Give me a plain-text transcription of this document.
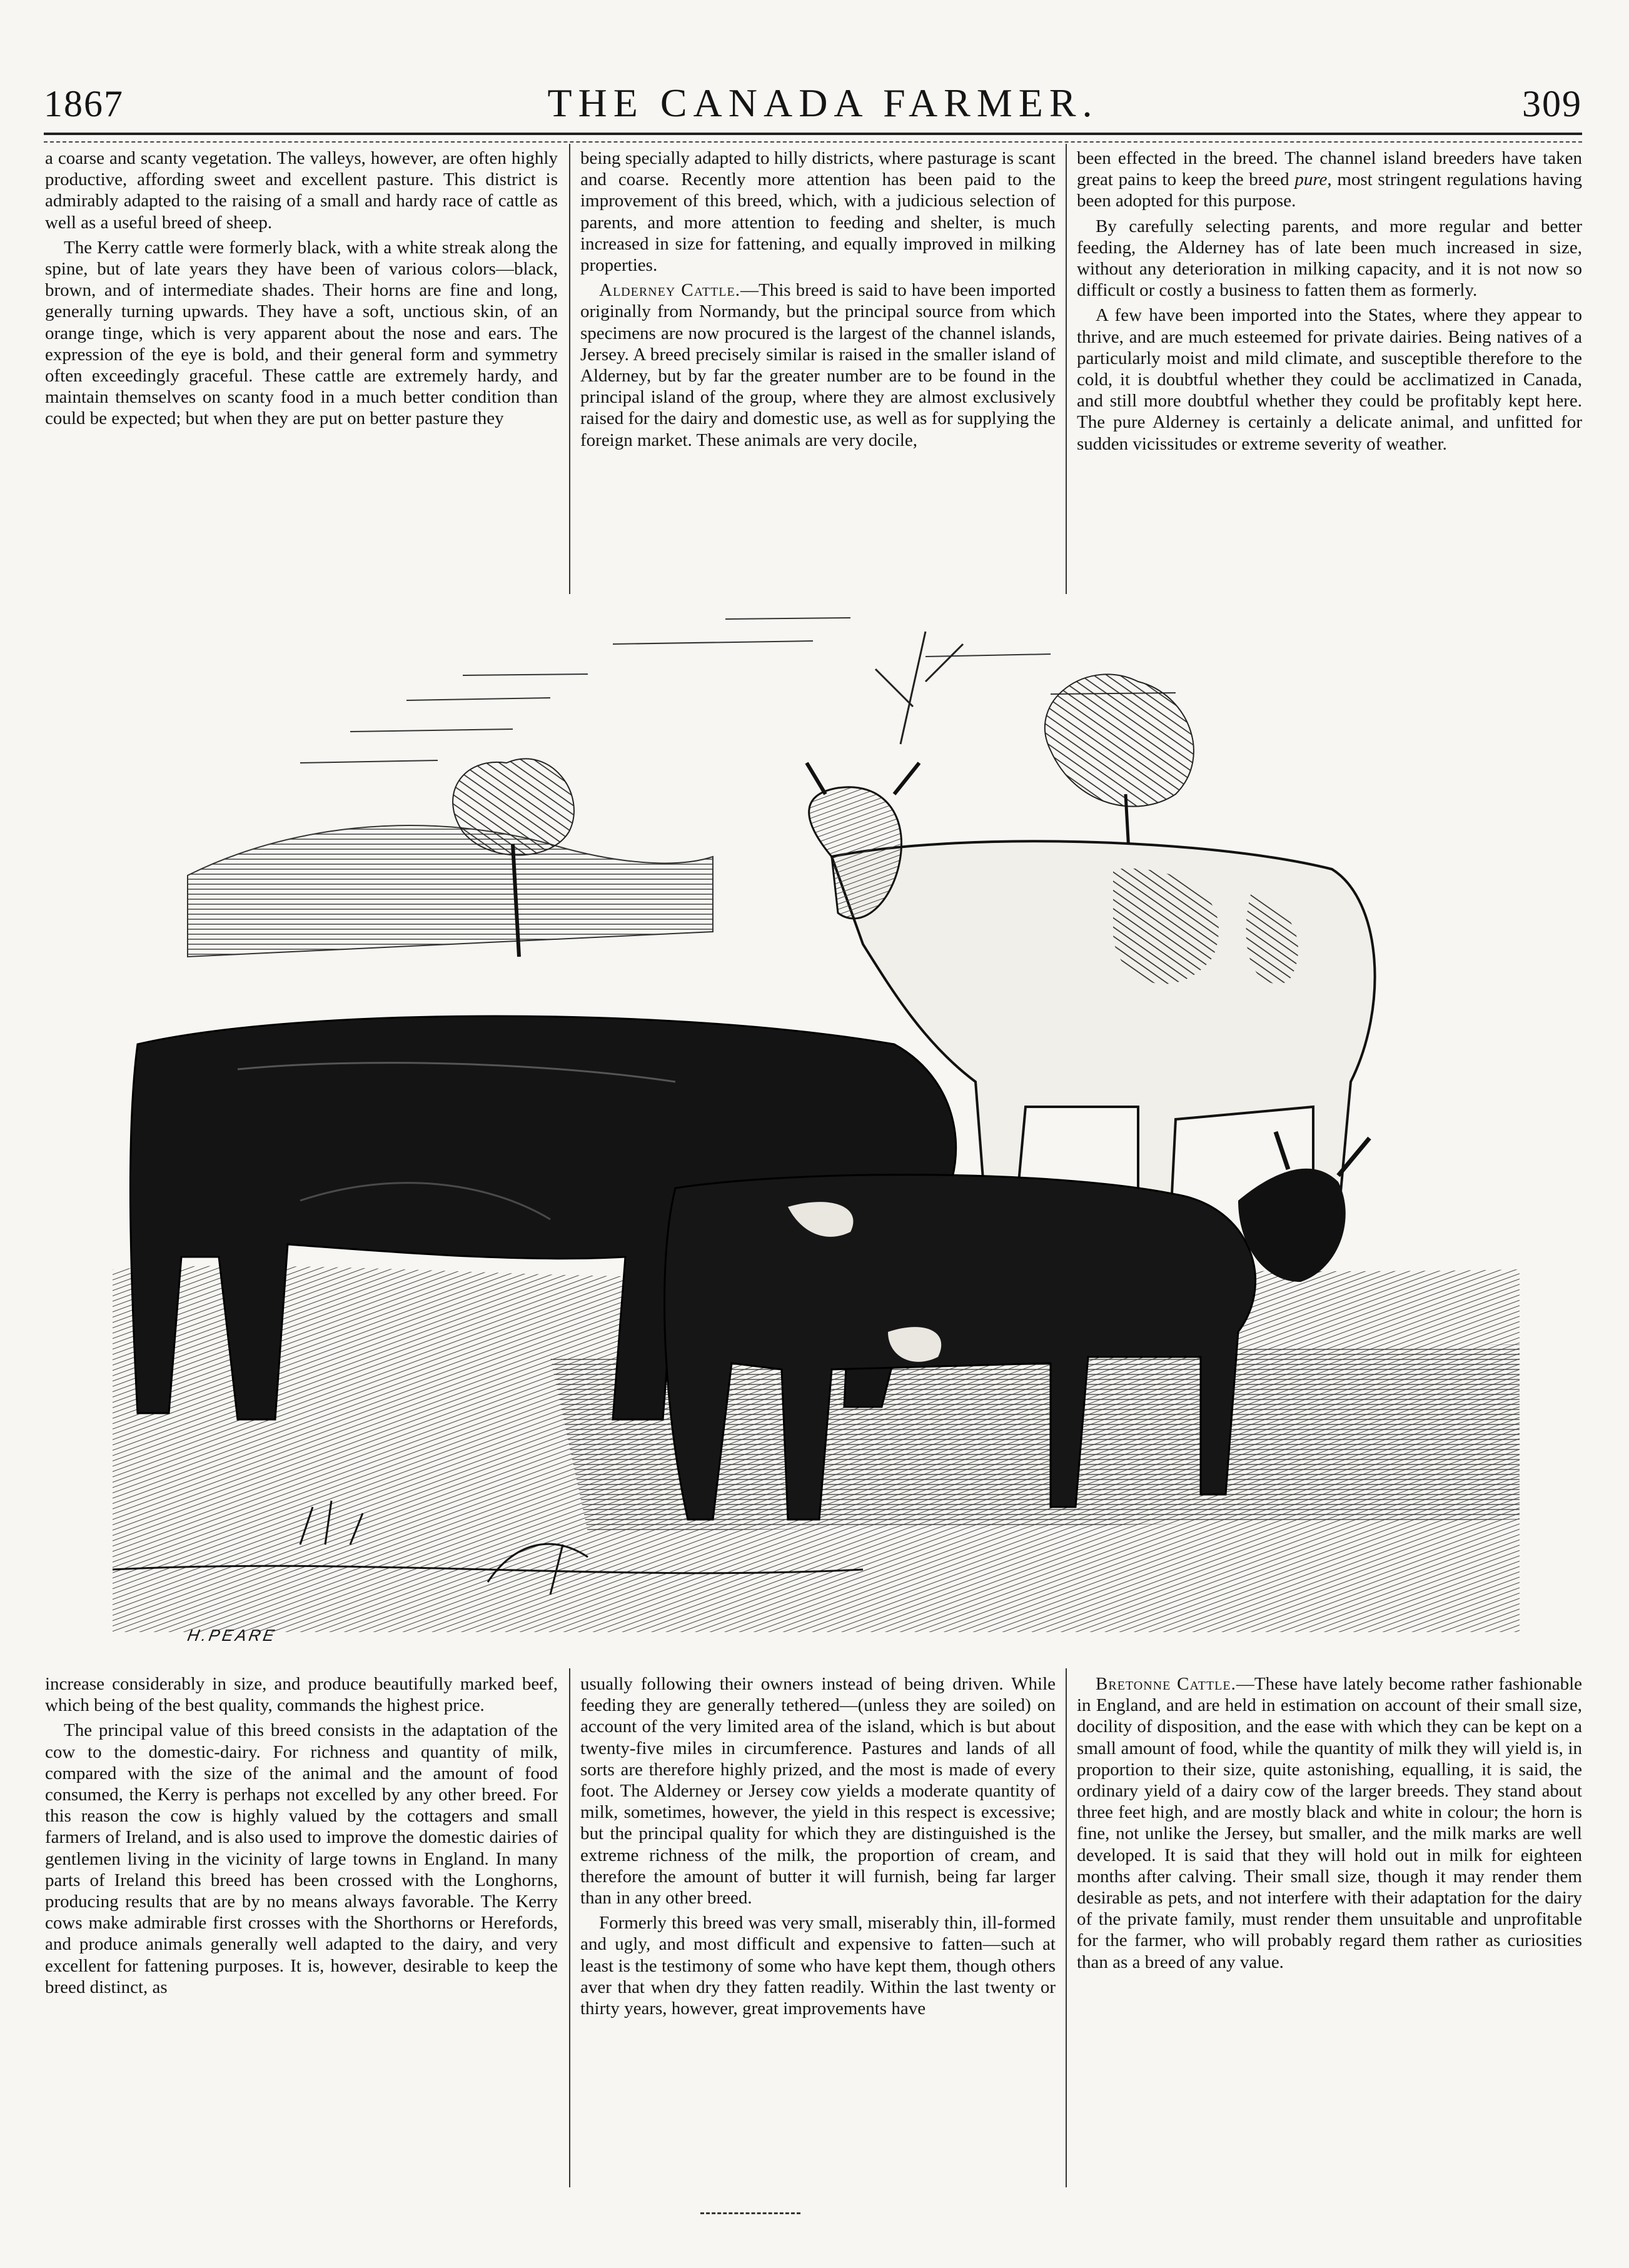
1867	THE CANADA FARMER.	309

a coarse and scanty vegetation. The valleys, however, are often highly productive, affording sweet and excellent pasture. This district is admirably adapted to the raising of a small and hardy race of cattle as well as a useful breed of sheep.

The Kerry cattle were formerly black, with a white streak along the spine, but of late years they have been of various colors—black, brown, and of intermediate shades. Their horns are fine and long, generally turning upwards. They have a soft, unctious skin, of an orange tinge, which is very apparent about the nose and ears. The expression of the eye is bold, and their general form and symmetry often exceedingly graceful. These cattle are extremely hardy, and maintain themselves on scanty food in a much better condition than could be expected; but when they are put on better pasture they

being specially adapted to hilly districts, where pasturage is scant and coarse. Recently more attention has been paid to the improvement of this breed, which, with a judicious selection of parents, and more attention to feeding and shelter, is much increased in size for fattening, and equally improved in milking properties.

Alderney Cattle.—This breed is said to have been imported originally from Normandy, but the principal source from which specimens are now procured is the largest of the channel islands, Jersey. A breed precisely similar is raised in the smaller island of Alderney, but by far the greater number are to be found in the principal island of the group, where they are almost exclusively raised for the dairy and domestic use, as well as for supplying the foreign market. These animals are very docile,

been effected in the breed. The channel island breeders have taken great pains to keep the breed pure, most stringent regulations having been adopted for this purpose.

By carefully selecting parents, and more regular and better feeding, the Alderney has of late been much increased in size, without any deterioration in milking capacity, and it is not now so difficult or costly a business to fatten them as formerly.

A few have been imported into the States, where they appear to thrive, and are much esteemed for private dairies. Being natives of a particularly moist and mild climate, and susceptible therefore to the cold, it is doubtful whether they could be acclimatized in Canada, and still more doubtful whether they could be profitably kept here. The pure Alderney is certainly a delicate animal, and unfitted for sudden vicissitudes or extreme severity of weather.

H.PEARE

increase considerably in size, and produce beautifully marked beef, which being of the best quality, commands the highest price.

The principal value of this breed consists in the adaptation of the cow to the domestic-dairy. For richness and quantity of milk, compared with the size of the animal and the amount of food consumed, the Kerry is perhaps not excelled by any other breed. For this reason the cow is highly valued by the cottagers and small farmers of Ireland, and is also used to improve the domestic dairies of gentlemen living in the vicinity of large towns in England. In many parts of Ireland this breed has been crossed with the Longhorns, producing results that are by no means always favorable. The Kerry cows make admirable first crosses with the Shorthorns or Herefords, and produce animals generally well adapted to the dairy, and very excellent for fattening purposes. It is, however, desirable to keep the breed distinct, as

usually following their owners instead of being driven. While feeding they are generally tethered—(unless they are soiled) on account of the very limited area of the island, which is but about twenty-five miles in circumference. Pastures and lands of all sorts are therefore highly prized, and the most is made of every foot. The Alderney or Jersey cow yields a moderate quantity of milk, sometimes, however, the yield in this respect is excessive; but the principal quality for which they are distinguished is the extreme richness of the milk, the proportion of cream, and therefore the amount of butter it will furnish, being far larger than in any other breed.

Formerly this breed was very small, miserably thin, ill-formed and ugly, and most difficult and expensive to fatten—such at least is the testimony of some who have kept them, though others aver that when dry they fatten readily. Within the last twenty or thirty years, however, great improvements have

Bretonne Cattle.—These have lately become rather fashionable in England, and are held in estimation on account of their small size, docility of disposition, and the ease with which they can be kept on a small amount of food, while the quantity of milk they will yield is, in proportion to their size, quite astonishing, equalling, it is said, the ordinary yield of a dairy cow of the larger breeds. They stand about three feet high, and are mostly black and white in colour; the horn is fine, not unlike the Jersey, but smaller, and the milk marks are well developed. It is said that they will hold out in milk for eighteen months after calving. Their small size, though it may render them desirable as pets, and not interfere with their adaptation for the dairy of the private family, must render them unsuitable and unprofitable for the farmer, who will probably regard them rather as curiosities than as a breed of any value.
